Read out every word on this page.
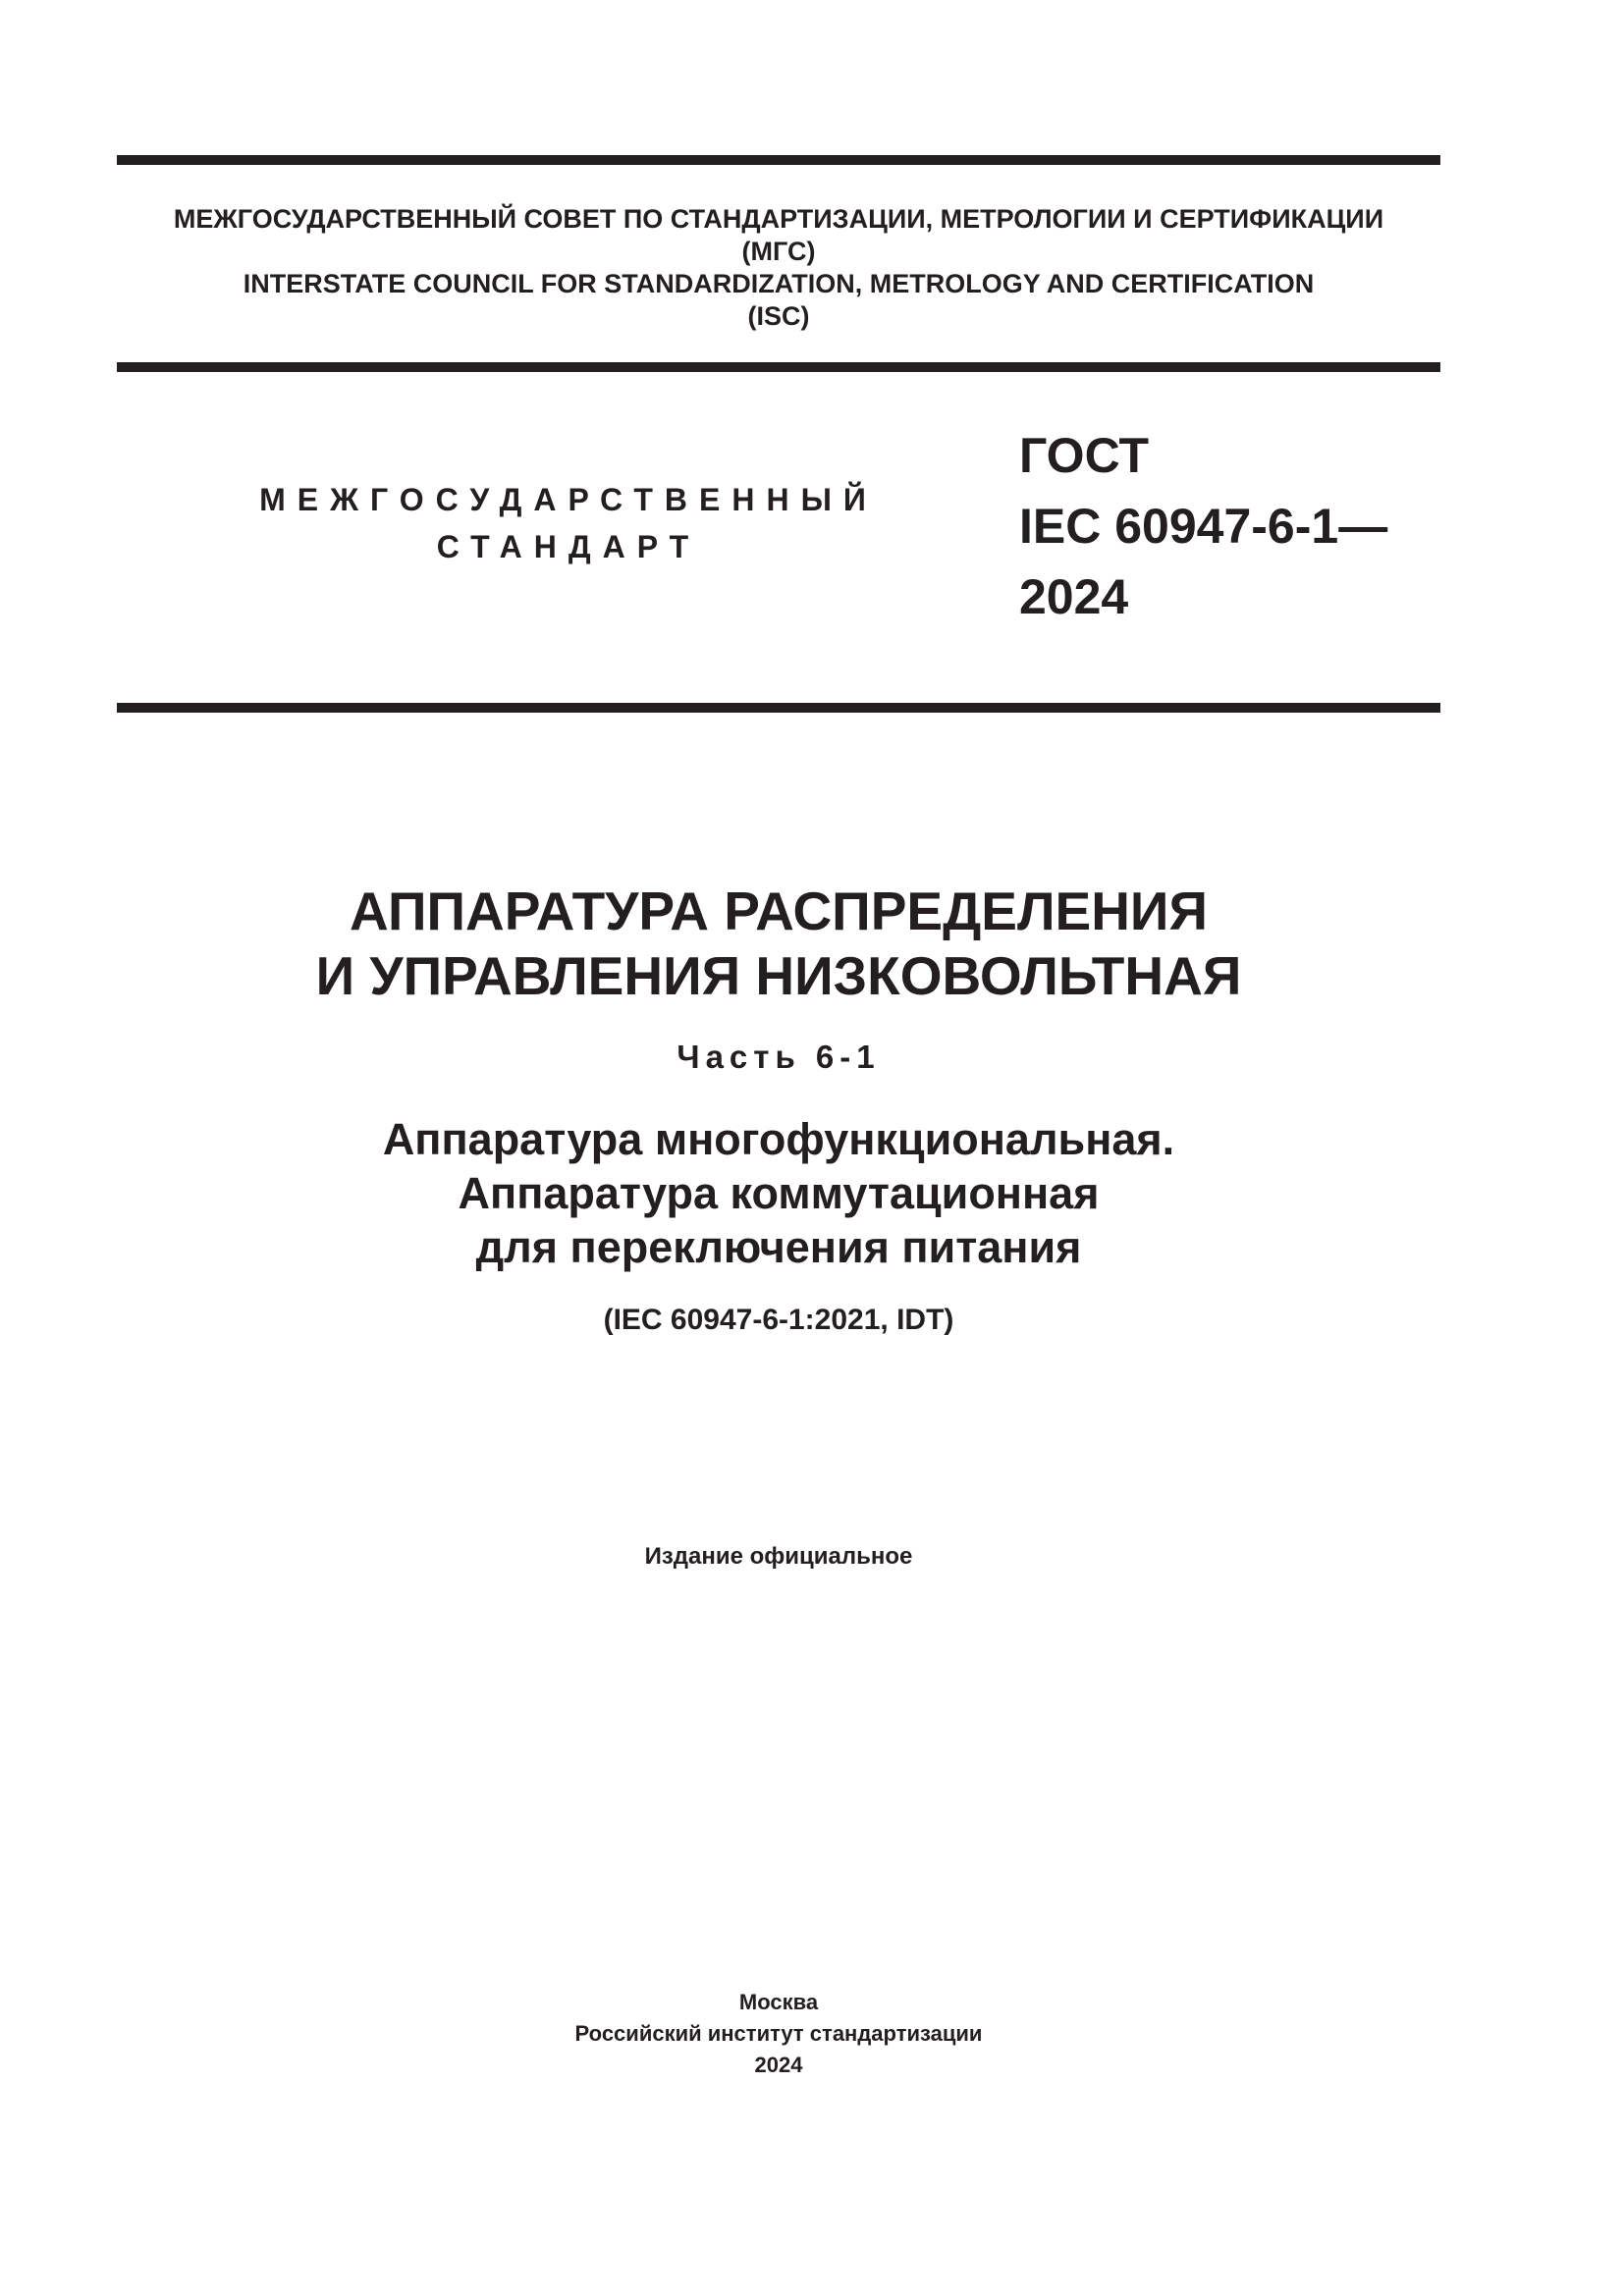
МЕЖГОСУДАРСТВЕННЫЙ СОВЕТ ПО СТАНДАРТИЗАЦИИ, МЕТРОЛОГИИ И СЕРТИФИКАЦИИ
(МГС)
INTERSTATE COUNCIL FOR STANDARDIZATION, METROLOGY AND CERTIFICATION
(ISC)
МЕЖГОСУДАРСТВЕННЫЙ
СТАНДАРТ
ГОСТ
IEC 60947-6-1—
2024
АППАРАТУРА РАСПРЕДЕЛЕНИЯ
И УПРАВЛЕНИЯ НИЗКОВОЛЬТНАЯ
Часть 6-1
Аппаратура многофункциональная.
Аппаратура коммутационная
для переключения питания
(IEC 60947-6-1:2021, IDT)
Издание официальное
Москва
Российский институт стандартизации
2024
